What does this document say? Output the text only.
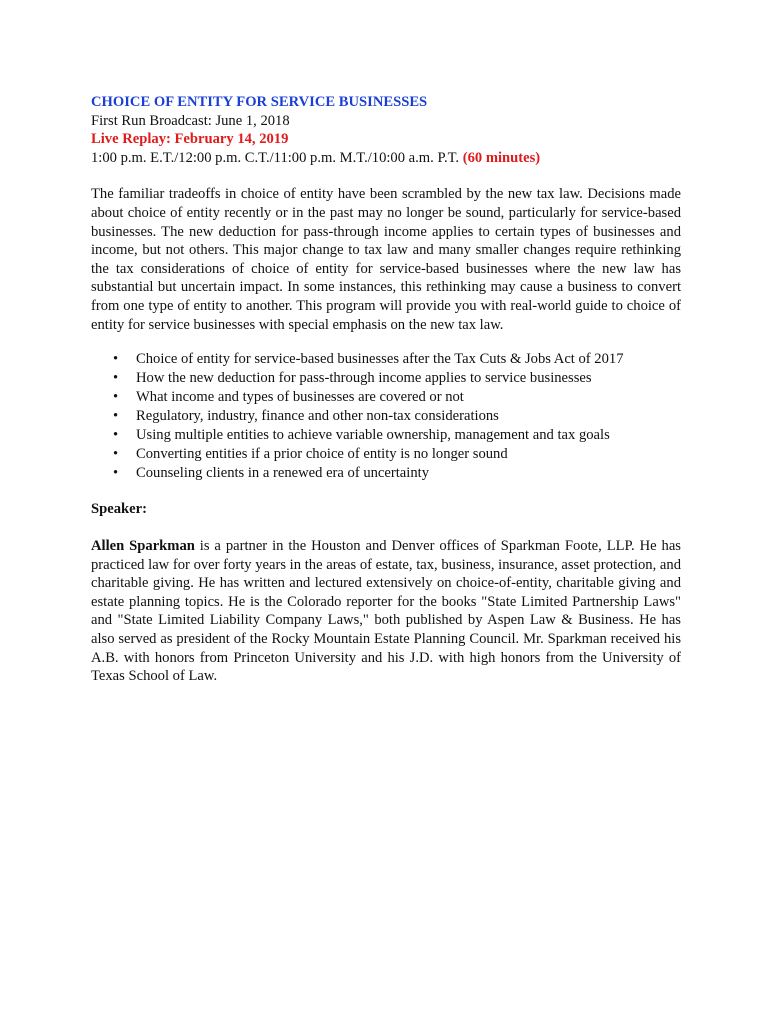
CHOICE OF ENTITY FOR SERVICE BUSINESSES

First Run Broadcast: June 1, 2018

Live Replay: February 14, 2019

1:00 p.m. E.T./12:00 p.m. C.T./11:00 p.m. M.T./10:00 a.m. P.T. (60 minutes)

The familiar tradeoffs in choice of entity have been scrambled by the new tax law. Decisions made about choice of entity recently or in the past may no longer be sound, particularly for service-based businesses. The new deduction for pass-through income applies to certain types of businesses and income, but not others. This major change to tax law and many smaller changes require rethinking the tax considerations of choice of entity for service-based businesses where the new law has substantial but uncertain impact. In some instances, this rethinking may cause a business to convert from one type of entity to another. This program will provide you with real-world guide to choice of entity for service businesses with special emphasis on the new tax law.

• Choice of entity for service-based businesses after the Tax Cuts & Jobs Act of 2017
• How the new deduction for pass-through income applies to service businesses
• What income and types of businesses are covered or not
• Regulatory, industry, finance and other non-tax considerations
• Using multiple entities to achieve variable ownership, management and tax goals
• Converting entities if a prior choice of entity is no longer sound
• Counseling clients in a renewed era of uncertainty

Speaker:

Allen Sparkman is a partner in the Houston and Denver offices of Sparkman Foote, LLP. He has practiced law for over forty years in the areas of estate, tax, business, insurance, asset protection, and charitable giving. He has written and lectured extensively on choice-of-entity, charitable giving and estate planning topics. He is the Colorado reporter for the books "State Limited Partnership Laws" and "State Limited Liability Company Laws," both published by Aspen Law & Business. He has also served as president of the Rocky Mountain Estate Planning Council. Mr. Sparkman received his A.B. with honors from Princeton University and his J.D. with high honors from the University of Texas School of Law.
